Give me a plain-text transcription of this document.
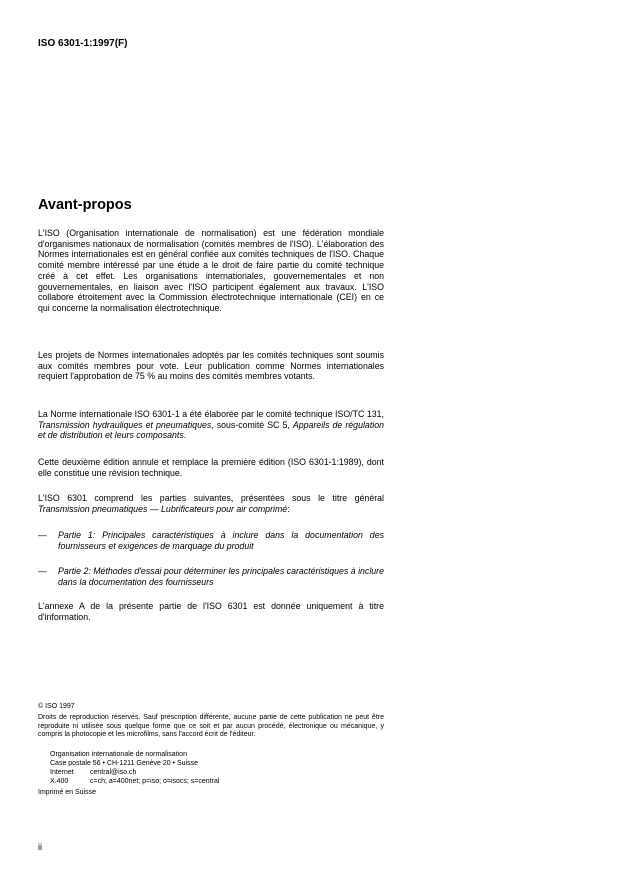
ISO 6301-1:1997(F)
Avant-propos
L'ISO (Organisation internationale de normalisation) est une fédération mondiale d'organismes nationaux de normalisation (comités membres de l'ISO). L'élaboration des Normes internationales est en général confiée aux comités techniques de l'ISO. Chaque comité membre intéressé par une étude a le droit de faire partie du comité technique créé à cet effet. Les organisations internationales, gouvernementales et non gouvernementales, en liaison avec l'ISO participent également aux travaux. L'ISO collabore étroitement avec la Commission électrotechnique internationale (CEI) en ce qui concerne la normalisation électrotechnique.
Les projets de Normes internationales adoptés par les comités techniques sont soumis aux comités membres pour vote. Leur publication comme Normes internationales requiert l'approbation de 75 % au moins des comités membres votants.
La Norme internationale ISO 6301-1 a été élaborée par le comité technique ISO/TC 131, Transmission hydrauliques et pneumatiques, sous-comité SC 5, Appareils de régulation et de distribution et leurs composants.
Cette deuxième édition annule et remplace la première édition (ISO 6301-1:1989), dont elle constitue une révision technique.
L'ISO 6301 comprend les parties suivantes, présentées sous le titre général Transmission pneumatiques — Lubrificateurs pour air comprimé:
— Partie 1: Principales caractéristiques à inclure dans la documentation des fournisseurs et exigences de marquage du produit
— Partie 2: Méthodes d'essai pour déterminer les principales caractéristiques à inclure dans la documentation des fournisseurs
L'annexe A de la présente partie de l'ISO 6301 est donnée uniquement à titre d'information.
© ISO 1997
Droits de reproduction réservés. Sauf prescription différente, aucune partie de cette publication ne peut être reproduite ni utilisée sous quelque forme que ce soit et par aucun procédé, électronique ou mécanique, y compris la photocopie et les microfilms, sans l'accord écrit de l'éditeur.
Organisation internationale de normalisation
Case postale 56 • CH-1211 Genève 20 • Suisse
Internet central@iso.ch
X.400	c=ch; a=400net; p=iso; o=isocs; s=central
Imprimé en Suisse
ii
